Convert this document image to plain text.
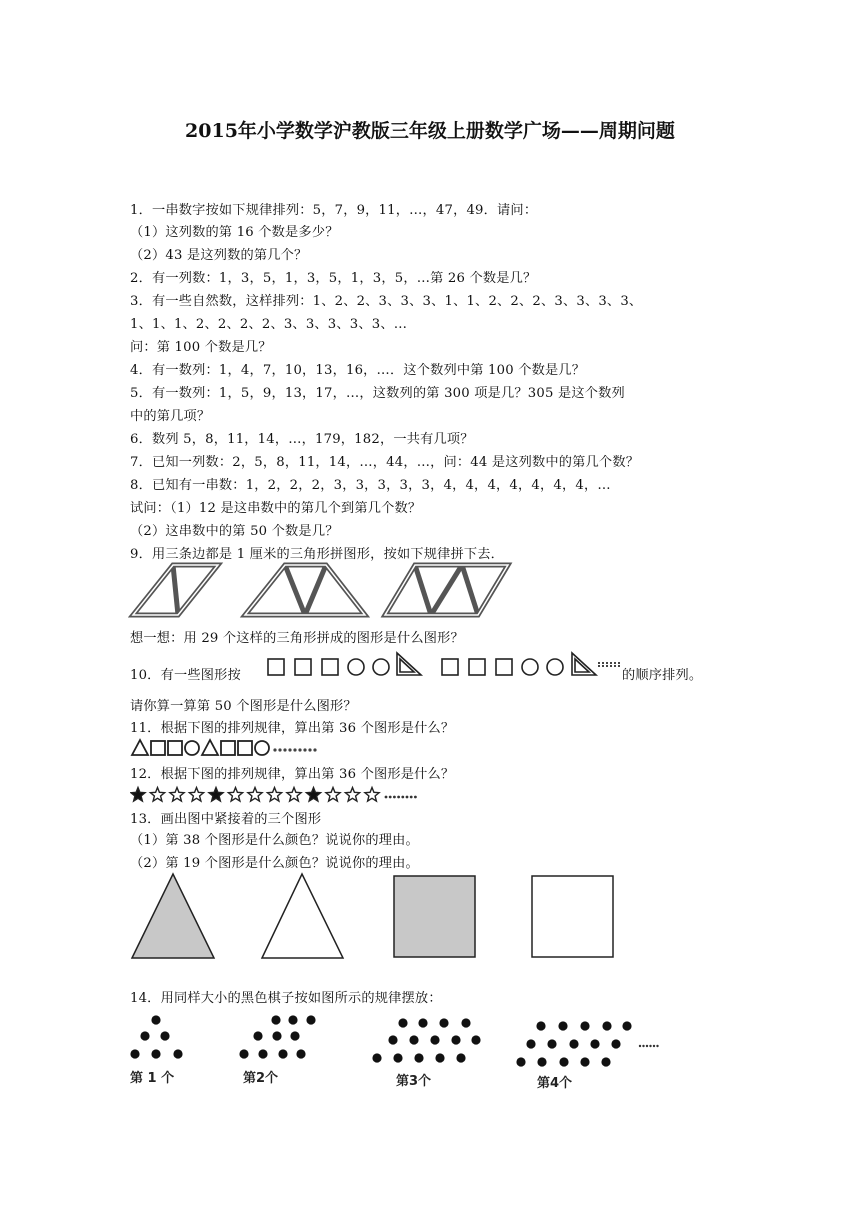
2015年小学数学沪教版三年级上册数学广场——周期问题
1．一串数字按如下规律排列：5，7，9，11，…，47，49．请问：
（1）这列数的第 16 个数是多少？
（2）43 是这列数的第几个？
2．有一列数：1，3，5，1，3，5，1，3，5，…第 26 个数是几？
3．有一些自然数，这样排列：1、2、2、3、3、3、1、1、2、2、2、3、3、3、3、
1、1、1、2、2、2、2、3、3、3、3、3、…
问：第 100 个数是几？
4．有一数列：1，4，7，10，13，16，…．这个数列中第 100 个数是几？
5．有一数列：1，5，9，13，17，…，这数列的第 300 项是几？305 是这个数列
中的第几项？
6．数列 5，8，11，14，…，179，182，一共有几项？
7．已知一列数：2，5，8，11，14，…，44，…，问：44 是这列数中的第几个数？
8．已知有一串数：1，2，2，2，3，3，3，3，3，4，4，4，4，4，4，4，…
试问：（1）12 是这串数中的第几个到第几个数？
（2）这串数中的第 50 个数是几？
9．用三条边都是 1 厘米的三角形拼图形，按如下规律拼下去．
想一想：用 29 个这样的三角形拼成的图形是什么图形？
10．有一些图形按	的顺序排列。
请你算一算第 50 个图形是什么图形？
11．根据下图的排列规律，算出第 36 个图形是什么？
12．根据下图的排列规律，算出第 36 个图形是什么？
13．画出图中紧接着的三个图形
（1）第 38 个图形是什么颜色？说说你的理由。
（2）第 19 个图形是什么颜色？说说你的理由。
14．用同样大小的黑色棋子按如图所示的规律摆放：
第 1 个	第2个	第3个	第4个
